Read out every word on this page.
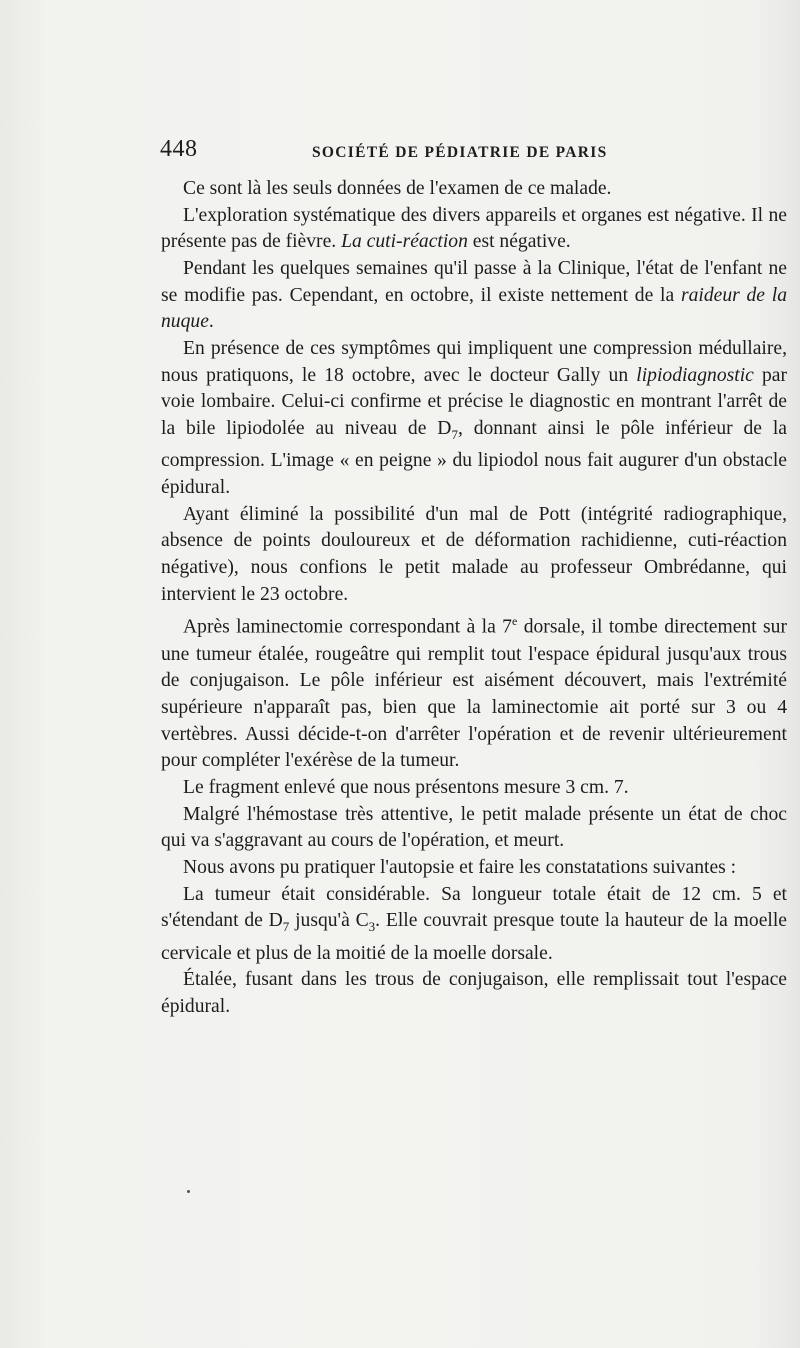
448	SOCIÉTÉ DE PÉDIATRIE DE PARIS

Ce sont là les seuls données de l'examen de ce malade.

L'exploration systématique des divers appareils et organes est négative. Il ne présente pas de fièvre. La cuti-réaction est négative.

Pendant les quelques semaines qu'il passe à la Clinique, l'état de l'enfant ne se modifie pas. Cependant, en octobre, il existe nettement de la raideur de la nuque.

En présence de ces symptômes qui impliquent une compression médullaire, nous pratiquons, le 18 octobre, avec le docteur Gally un lipiodiagnostic par voie lombaire. Celui-ci confirme et précise le diagnostic en montrant l'arrêt de la bile lipiodolée au niveau de $D_7$, donnant ainsi le pôle inférieur de la compression. L'image « en peigne » du lipiodol nous fait augurer d'un obstacle épidural.

Ayant éliminé la possibilité d'un mal de Pott (intégrité radiographique, absence de points douloureux et de déformation rachidienne, cuti-réaction négative), nous confions le petit malade au professeur Ombrédanne, qui intervient le 23 octobre.

Après laminectomie correspondant à la 7e dorsale, il tombe directement sur une tumeur étalée, rougeâtre qui remplit tout l'espace épidural jusqu'aux trous de conjugaison. Le pôle inférieur est aisément découvert, mais l'extrémité supérieure n'apparaît pas, bien que la laminectomie ait porté sur 3 ou 4 vertèbres. Aussi décide-t-on d'arrêter l'opération et de revenir ultérieurement pour compléter l'exérèse de la tumeur.

Le fragment enlevé que nous présentons mesure 3 cm. 7.

Malgré l'hémostase très attentive, le petit malade présente un état de choc qui va s'aggravant au cours de l'opération, et meurt.

Nous avons pu pratiquer l'autopsie et faire les constatations suivantes :

La tumeur était considérable. Sa longueur totale était de 12 cm. 5 et s'étendant de $D_7$ jusqu'à $C_3$. Elle couvrait presque toute la hauteur de la moelle cervicale et plus de la moitié de la moelle dorsale.

Étalée, fusant dans les trous de conjugaison, elle remplissait tout l'espace épidural.
